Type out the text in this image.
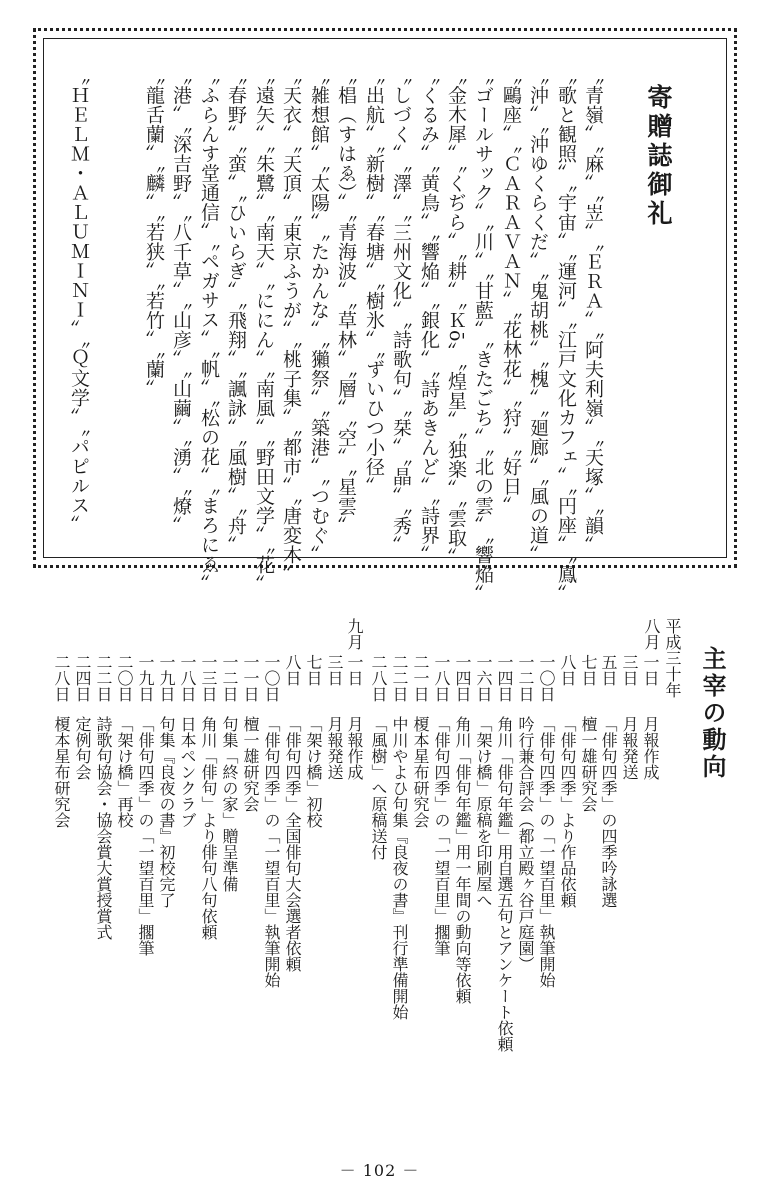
寄贈誌御礼
〝青嶺〟〝麻〟〝岦〟〝ＥＲＡ〟〝阿夫利嶺〟〝天塚〟〝韻〟
〝歌と観照〟〝宇宙〟〝運河〟〝江戸文化カフェ〟〝円座〟〝鳳〟
〝沖〟〝沖ゆくらくだ〟〝鬼胡桃〟〝槐〟〝廻廊〟〝風の道〟
〝鷗座〟〝ＣＡＲＡＶＡＮ〟〝花林花〟〝狩〟〝好日〟
〝ゴールサック〟〝川〟〝甘藍〟〝きたごち〟〝北の雲〟〝響焔〟
〝金木犀〟〝くぢら〟〝耕〟〝Ｋō〟〝煌星〟〝独楽〟〝雲取〟
〝くるみ〟〝黄鳥〟〝響焔〟〝銀化〟〝詩あきんど〟〝詩界〟
〝しづく〟〝澤〟〝三州文化〟〝詩歌句〟〝栞〟〝晶〟〝秀〟
〝出航〟〝新樹〟〝春塘〟〝樹氷〟〝ずいひつ小径〟
〝椙（すはゑ）〟〝青海波〟〝草林〟〝層〟〝空〟〝星雲〟
〝雑想館〟〝太陽〟〝たかんな〟〝獺祭〟〝築港〟〝つむぐ〟
〝天衣〟〝天頂〟〝東京ふうが〟〝桃子集〟〝都市〟〝唐変木〟
〝遠矢〟〝朱鷺〟〝南天〟〝ににん〟〝南風〟〝野田文学〟〝花〟
〝春野〟〝蛮〟〝ひいらぎ〟〝飛翔〟〝諷詠〟〝風樹〟〝舟〟
〝ふらんす堂通信〟〝ペガサス〟〝帆〟〝松の花〟〝まろにゑ〟
〝港〟〝深吉野〟〝八千草〟〝山彦〟〝山繭〟〝湧〟〝燎〟
〝龍舌蘭〟〝麟〟〝若狭〟〝若竹〟〝蘭〟
〝ＨＥＬＭ・ＡＬＵＭＩＮＩ〟〝Ｑ文学〟〝パピルス〟
主宰の動向
平成三十年
八月
九月
一日
月報作成
三日
月報発送
五日
「俳句四季」の四季吟詠選
七日
檀一雄研究会
八日
「俳句四季」より作品依頼
一〇日
「俳句四季」の「一望百里」執筆開始
一二日
吟行兼合評会（都立殿ヶ谷戸庭園）
一四日
角川「俳句年鑑」用自選五句とアンケート依頼
一六日
「架け橋」原稿を印刷屋へ
一四日
角川「俳句年鑑」用一年間の動向等依頼
一八日
「俳句四季」の「一望百里」擱筆
二一日
榎本星布研究会
二二日
中川やよひ句集『良夜の書』刊行準備開始
二八日
「風樹」へ原稿送付
一日
月報作成
三日
月報発送
七日
「架け橋」初校
八日
「俳句四季」全国俳句大会選者依頼
一〇日
「俳句四季」の「一望百里」執筆開始
一一日
檀一雄研究会
一二日
句集「終の家」贈呈準備
一三日
角川「俳句」より俳句八句依頼
一八日
日本ペンクラブ
一九日
句集『良夜の書』初校完了
一九日
「俳句四季」の「一望百里」擱筆
二〇日
「架け橋」再校
二二日
詩歌句協会・協会賞大賞授賞式
二四日
定例句会
二八日
榎本星布研究会
－ 102 －
